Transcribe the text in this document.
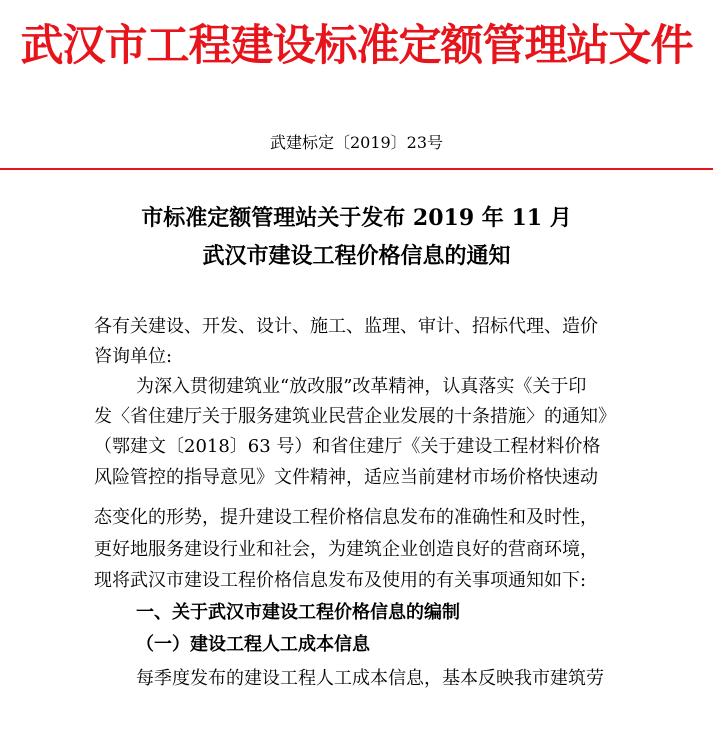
武汉市工程建设标准定额管理站文件
武建标定〔2019〕23号
市标准定额管理站关于发布 2019 年 11 月
武汉市建设工程价格信息的通知
各有关建设、开发、设计、施工、监理、审计、招标代理、造价
咨询单位:
为深入贯彻建筑业“放改服”改革精神，认真落实《关于印
发〈省住建厅关于服务建筑业民营企业发展的十条措施〉的通知》
（鄂建文〔2018〕63 号）和省住建厅《关于建设工程材料价格
风险管控的指导意见》文件精神，适应当前建材市场价格快速动
态变化的形势，提升建设工程价格信息发布的准确性和及时性，
更好地服务建设行业和社会，为建筑企业创造良好的营商环境，
现将武汉市建设工程价格信息发布及使用的有关事项通知如下:
一、关于武汉市建设工程价格信息的编制
（一）建设工程人工成本信息
每季度发布的建设工程人工成本信息，基本反映我市建筑劳
